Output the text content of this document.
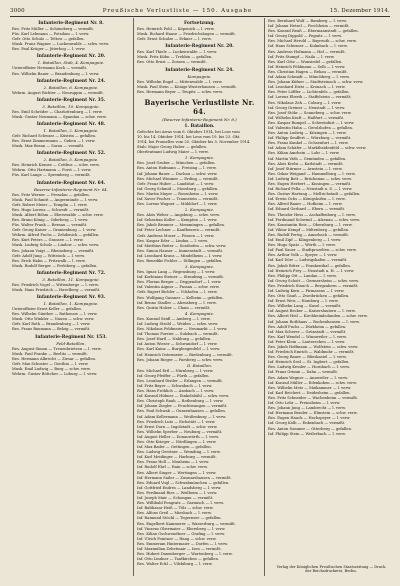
3000	Preußische Verlustliste — 150. Ausgabe	15. Dezember 1914.
Infanterie-Regiment Nr. 8.
Res. Fritz Müller — Schöneberg — vermißt.
Füs. Karl Lehmann — Potsdam — l. verw.
Gefr. Otto Schulz — Teltow — gefallen.
Musk. Franz Wagner — Luckenwalde — schw. verw.
Res. Paul Krüger — Jüterbog — l. verw.
Infanterie-Regiment Nr. 20.
1. Bataillon, Stab, 4. Kompagnie.
Unteroffizier Hermann Koch — vermißt.
Res. Wilhelm Bauer — Brandenburg — l. verw.
Infanterie-Regiment Nr. 24.
2. Bataillon, 6. Kompagnie.
Wehrm. August Richter — Neuruppin — vermißt.
Infanterie-Regiment Nr. 35.
3. Bataillon, 10. Kompagnie.
Res. Emil Schröder — Charlottenburg — l. verw.
Musk. Gustav Neumann — Spandau — schw. verw.
Infanterie-Regiment Nr. 48.
1. Bataillon, 2. Kompagnie.
Gefr. Richard Schwarz — Küstrin — gefallen.
Res. Ernst Zimmermann — Guben — l. verw.
Musk. Max Braun — Sorau — vermißt.
Infanterie-Regiment Nr. 52.
2. Bataillon, 5. Kompagnie.
Res. Heinrich Krause — Cottbus — schw. verw.
Wehrm. Otto Hartmann — Forst — l. verw.
Füs. Karl Lange — Spremberg — vermißt.
Infanterie-Regiment Nr. 64.
Reserve-Infanterie-Regiment Nr. 64.
Res. Fritz Werner — Prenzlau — gefallen.
Musk. Paul Schmitt — Angermünde — l. verw.
Gefr. Robert Meier — Templin — l. verw.
Res. Hugo Lorenz — Schwedt — vermißt.
Musk. Albert Böhm — Eberswalde — schw. verw.
Res. Bruno König — Oderberg — l. verw.
Füs. Walter Frank — Bernau — vermißt.
Gefr. Georg Kaiser — Oranienburg — l. verw.
Wehrm. Alfred Fuchs — Zehdenick — gefallen.
Res. Kurt Peters — Gransee — l. verw.
Musk. Ludwig Scholz — Lindow — schw. verw.
Res. Johann Voigt — Rheinsberg — vermißt.
Gefr. Adolf Jung — Wittstock — l. verw.
Res. Erich Hahn — Pritzwalk — l. verw.
Musk. Rudolf Berger — Perleberg — gefallen.
Infanterie-Regiment Nr. 72.
3. Bataillon, 11. Kompagnie.
Res. Friedrich Vogel — Wittenberge — l. verw.
Musk. Hans Friedrich — Havelberg — vermißt.
Infanterie-Regiment Nr. 93.
1. Bataillon, 1. Kompagnie.
Unteroffizier Ernst Keller — gefallen.
Res. Wilhelm Günther — Rathenow — l. verw.
Musk. Otto Winkler — Nauen — schw. verw.
Gefr. Karl Roth — Brandenburg — l. verw.
Res. Franz Baumann — Belzig — vermißt.
Infanterie-Regiment Nr. 153.
Feld-Bataillon.
Res. August Simon — Treuenbrietzen — l. verw.
Musk. Paul Franke — Beelitz — vermißt.
Res. Hermann Albrecht — Ziesar — gefallen.
Gefr. Max Schuster — Genthin — l. verw.
Musk. Emil Ludwig — Burg — schw. verw.
Wehrm. Gustav Böttcher — Loburg — l. verw.
Fortsetzung.
Res. Heinrich Pohl — Köpenick — l. verw.
Musk. Richard Haase — Friedrichshagen — vermißt.
Gefr. Ernst Schulze — Erkner — l. verw.
Infanterie-Regiment Nr. 20.
Res. Karl Thiele — Luckenwalde — l. verw.
Musk. Fritz Kühn — Trebbin — gefallen.
Res. Otto Ernst — Zossen — vermißt.
Infanterie-Regiment Nr. 24.
Kompagnie.
Res. Wilhelm Engel — Mittenwalde — l. verw.
Musk. Paul Stein — Königs-Wusterhausen — vermißt.
Res. Hermann Beyer — Teupitz — schw. verw.
Bayerische Verlustliste Nr. 64.
(Reserve-Infanterie-Regiment Nr. 8.)
1. Bataillon.
Gefechte bei Arras vom 6. Oktober 1914, bei Loos vom
10. bis 14. Oktober 1914, bei Lens vom 19. bis 23. Okt.
1914, bei Fromelles vom 25. Oktober bis 5. November 1914.
Stab: Major Georg Huber — gefallen.
Oberleutnant Ludwig Maier — l. verw.
1. Kompagnie.
Res. Josef Gruber — München — gefallen.
Res. Anton Hofmann — Freising — l. verw.
Inf. Johann Bauer — Dachau — schw. verw.
Res. Michael Wimmer — Erding — vermißt.
Gefr. Franz Huber — Landshut — l. verw.
Inf. Georg Schmid — Moosburg — gefallen.
Res. Martin Mayer — Rosenheim — l. verw.
Inf. Xaver Fischer — Traunstein — vermißt.
Res. Lorenz Wagner — Mühldorf — l. verw.
2. Kompagnie.
Res. Alois Weber — Augsburg — schw. verw.
Inf. Sebastian Koller — Kempten — l. verw.
Res. Jakob Brunner — Memmingen — gefallen.
Inf. Peter Lechner — Kaufbeuren — vermißt.
Gefr. Andreas Moser — Füssen — l. verw.
Res. Kaspar Eder — Lindau — l. verw.
Inf. Matthias Reiter — Sonthofen — schw. verw.
Res. Simon Hauser — Immenstadt — vermißt.
Inf. Leonhard Kraus — Mindelheim — l. verw.
Res. Benedikt Pichler — Dillingen — gefallen.
3. Kompagnie.
Res. Ignaz Lang — Regensburg — l. verw.
Inf. Korbinian Steiner — Straubing — vermißt.
Res. Florian Berger — Deggendorf — l. verw.
Inf. Valentin Aigner — Passau — schw. verw.
Gefr. Rupert Bichler — Vilshofen — l. verw.
Res. Wolfgang Gassner — Kelheim — gefallen.
Inf. Benno Stadler — Abensberg — l. verw.
Res. Quirin Holzer — Cham — vermißt.
4. Kompagnie.
Res. Konrad Seidl — Amberg — l. verw.
Inf. Ludwig Strobl — Weiden — schw. verw.
Res. Nikolaus Feldmeier — Neumarkt — l. verw.
Inf. Thomas Forster — Sulzbach — vermißt.
Res. Josef Hartl — Nabburg — gefallen.
Inf. Anton Wieser — Schwandorf — l. verw.
Res. Karl Kainz — Burglengenfeld — l. verw.
Inf. Heinrich Ostermeier — Riedenburg — vermißt.
Res. Johann Rieger — Parsberg — schw. verw.
II. Bataillon.
Res. Michael Ertl — Nürnberg — l. verw.
Inf. Georg Pfeiffer — Fürth — gefallen.
Res. Leonhard Distler — Erlangen — vermißt.
Inf. Fritz Bayer — Schwabach — l. verw.
Res. Hans Fröhlich — Ansbach — l. verw.
Inf. Konrad Hübner — Dinkelsbühl — schw. verw.
Res. Christoph Rauh — Rothenburg — l. verw.
Inf. Johann Ziegler — Feuchtwangen — vermißt.
Res. Paul Schwab — Gunzenhausen — gefallen.
Inf. Adam Kellermann — Weißenburg — l. verw.
Res. Friedrich Lutz — Eichstätt — l. verw.
Inf. Ernst Dorn — Ingolstadt — schw. verw.
Res. Wilhelm Sperber — Neuburg — vermißt.
Inf. August Heller — Donauwörth — l. verw.
Res. Otto Krieger — Nördlingen — l. verw.
Inf. Max Bader — Oettingen — gefallen.
Res. Ludwig Gerstner — Wemding — l. verw.
Inf. Karl Meidinger — Harburg — vermißt.
Res. Franz Holl — Monheim — l. verw.
Inf. Rudolf Ehrl — Rain — schw. verw.
Res. Albert Singer — Wertingen — l. verw.
Inf. Hermann Sailer — Zusmarshausen — vermißt.
Res. Eduard Vogl — Schwabmünchen — gefallen.
Inf. Gottfried Endres — Landsberg — l. verw.
Res. Ferdinand Ries — Weilheim — l. verw.
Inf. Joseph Mair — Schongau — vermißt.
Res. Willibald Pongratz — Garmisch — l. verw.
Inf. Balthasar Heiß — Tölz — schw. verw.
Res. Alfons Greil — Miesbach — l. verw.
Inf. Raimund Stöckl — Tegernsee — gefallen.
Res. Engelbert Kammerer — Wasserburg — vermißt.
Inf. Vinzenz Obermaier — Ebersberg — l. verw.
Res. Kilian Gschwendtner — Grafing — l. verw.
Inf. Ulrich Pointner — Haag — schw. verw.
Res. Emmeram Hintermaier — Dorfen — l. verw.
Inf. Maximilian Zehetmair — Isen — vermißt.
Res. Hubert Daxenberger — Wartenberg — l. verw.
Inf. Otto Lindner — Taufkirchen — gefallen.
Res. Walter Eckl — Vilsbiburg — l. verw.
Res. Bernhard Wolf — Bamberg — l. verw.
Inf. Johann Hetzel — Forchheim — vermißt.
Res. Konrad Reuß — Ebermannstadt — gefallen.
Inf. Georg Dippold — Pegnitz — l. verw.
Res. Michael Herold — Bayreuth — schw. verw.
Inf. Hans Schirmer — Kulmbach — l. verw.
Res. Andreas Hofmann — Hof — vermißt.
Inf. Fritz Stumpf — Naila — l. verw.
Res. Karl Götz — Wunsiedel — gefallen.
Inf. Heinrich Pöhlmann — Selb — l. verw.
Res. Christian Hagen — Rehau — vermißt.
Inf. Adam Schmidt — Münchberg — l. verw.
Res. Johann Küfner — Stadtsteinach — schw. verw.
Inf. Leonhard Dietz — Kronach — l. verw.
Res. Peter Löffler — Lichtenfels — gefallen.
Inf. Lorenz Eberth — Staffelstein — vermißt.
Res. Nikolaus Zeh — Coburg — l. verw.
Inf. Georg Greiner — Neustadt — l. verw.
Res. Josef Stöhr — Sonneberg — schw. verw.
Inf. Wilhelm Kraft — Haßfurt — vermißt.
Res. Kaspar Rumpel — Schweinfurt — l. verw.
Inf. Valentin Hahn — Gerolzhofen — gefallen.
Res. Anton Ludwig — Kitzingen — l. verw.
Inf. Philipp Seuffert — Würzburg — vermißt.
Res. Franz Kunkel — Ochsenfurt — l. verw.
Inf. Adam Schäfer — Marktheidenfeld — schw. verw.
Res. Kilian Amrhein — Lohr — l. verw.
Inf. Martin Väth — Gemünden — gefallen.
Res. Alois Krebs — Karlstadt — vermißt.
Inf. Josef Stürmer — Arnstein — l. verw.
Res. Oskar Weigand — Hammelburg — l. verw.
Inf. Ludwig Bott — Brückenau — schw. verw.
Res. Eugen Herbert — Kissingen — vermißt.
Inf. Richard Fella — Neustadt a. S. — l. verw.
Res. Gustav Hartung — Mellrichstadt — gefallen.
Inf. Erwin Ochs — Königshofen — l. verw.
Res. Alfred Bauer — Hofheim — l. verw.
Inf. Eduard Gerhard — Ebern — vermißt.
Res. Theodor Hess — Aschaffenburg — l. verw.
Inf. Ferdinand Schwind — Alzenau — schw. verw.
Res. Konstantin Reis — Obernburg — l. verw.
Inf. Viktor Kempf — Miltenberg — gefallen.
Res. Rudolf Fertig — Amorbach — vermißt.
Inf. Emil Zipf — Klingenberg — l. verw.
Res. Hugo Spatz — Wörth — l. verw.
Inf. Paul Sauer — Stadtprozelten — schw. verw.
Res. Arthur Volk — Speyer — l. verw.
Inf. Karl Dörr — Ludwigshafen — vermißt.
Res. Jakob Ritter — Frankenthal — gefallen.
Inf. Heinrich Frey — Neustadt a. H. — l. verw.
Res. Philipp Ott — Landau — l. verw.
Inf. Georg Schott — Germersheim — schw. verw.
Res. Friedrich Stauch — Bergzabern — vermißt.
Inf. Ludwig Kern — Pirmasens — l. verw.
Res. Otto Gauß — Zweibrücken — gefallen.
Inf. Ernst Weis — Homburg — l. verw.
Res. Wilhelm Lang — Kusel — vermißt.
Inf. August Becker — Kaiserslautern — l. verw.
Res. Albert Heil — Kirchheimbolanden — schw. verw.
Inf. Johann Rothhaas — Rockenhausen — l. verw.
Res. Adolf Fuchs — Dürkheim — gefallen.
Inf. Max Scherer — Grünstadt — vermißt.
Res. Karl Wendel — Winnweiler — l. verw.
Inf. Peter Klein — Lauterecken — l. verw.
Res. Jakob Hoffmann — Wolfstein — schw. verw.
Inf. Friedrich Emrich — Waldmohr — vermißt.
Res. Georg Bauer — Blieskastel — l. verw.
Inf. Heinrich Seel — St. Ingbert — gefallen.
Res. Ludwig Kessler — Hornbach — l. verw.
Inf. Franz Grimm — Dahn — vermißt.
Res. Adam Wagner — Annweiler — l. verw.
Inf. Konrad Müller — Edenkoben — schw. verw.
Res. Wilhelm Metz — Maikammer — l. verw.
Inf. Karl Reichert — Deidesheim — gefallen.
Res. Fritz Schneider — Wachenheim — vermißt.
Inf. Otto Lehr — Freinsheim — l. verw.
Res. Johann Jung — Lambrecht — l. verw.
Inf. Hermann Bender — Elmstein — schw. verw.
Res. Eugen Hauck — Hochspeyer — l. verw.
Inf. Georg Kolb — Enkenbach — vermißt.
Res. Anton Sommer — Otterberg — gefallen.
Inf. Philipp Stein — Weilerbach — l. verw.
Verlag der Königlichen Preußischen Staatszeitung — Druck der Reichsdruckerei, Berlin.
